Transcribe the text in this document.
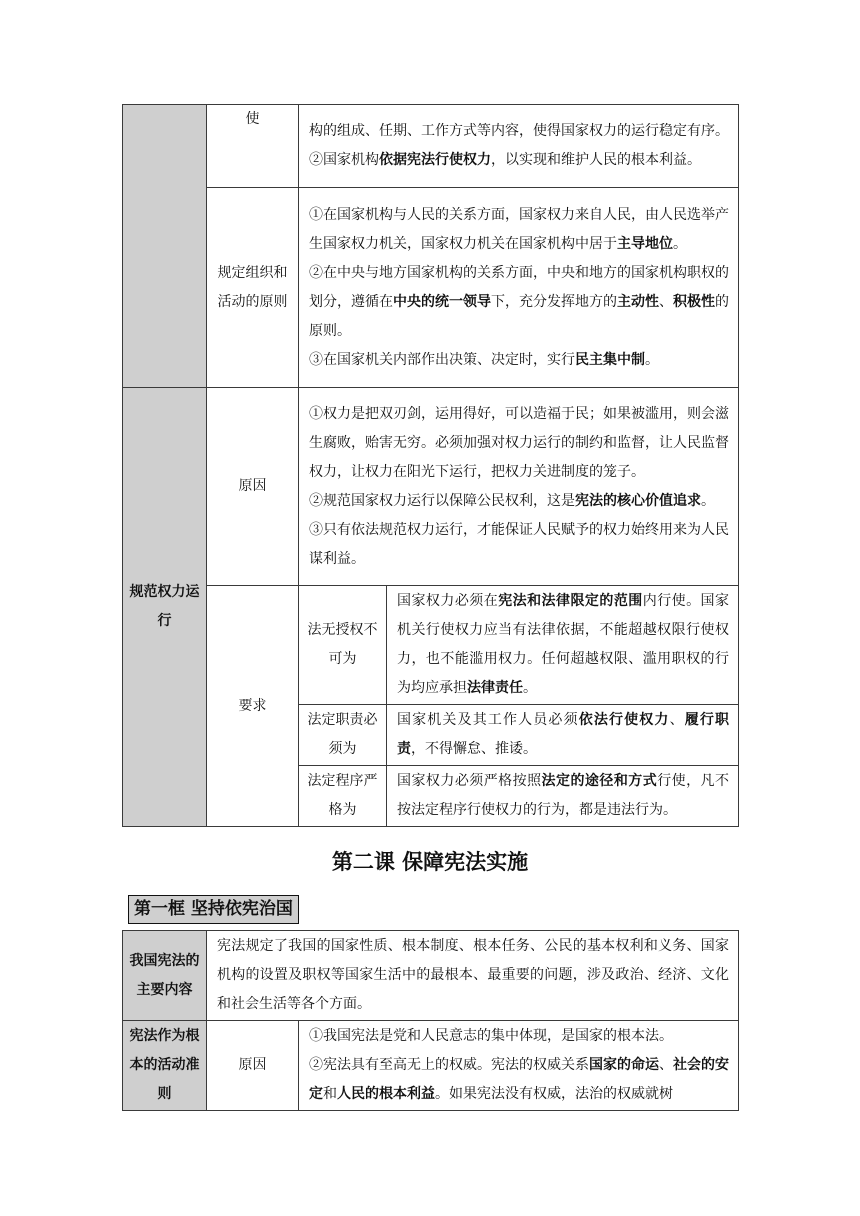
	使	构的组成、任期、工作方式等内容，使得国家权力的运行稳定有序。

②国家机构依据宪法行使权力，以实现和维护人民的根本利益。	

	规定组织和活动的原则	①在国家机构与人民的关系方面，国家权力来自人民，由人民选举产生国家权力机关，国家权力机关在国家机构中居于主导地位。

②在中央与地方国家机构的关系方面，中央和地方的国家机构职权的划分，遵循在中央的统一领导下，充分发挥地方的主动性、积极性的原则。

③在国家机关内部作出决策、决定时，实行民主集中制。	

规范权力运行	原因	①权力是把双刃剑，运用得好，可以造福于民；如果被滥用，则会滋生腐败，贻害无穷。必须加强对权力运行的制约和监督，让人民监督权力，让权力在阳光下运行，把权力关进制度的笼子。

②规范国家权力运行以保障公民权利，这是宪法的核心价值追求。

③只有依法规范权力运行，才能保证人民赋予的权力始终用来为人民谋利益。	

	要求	法无授权不可为	国家权力必须在宪法和法律限定的范围内行使。国家机关行使权力应当有法律依据，不能超越权限行使权力，也不能滥用权力。任何超越权限、滥用职权的行为均应承担法律责任。
		法定职责必须为	国家机关及其工作人员必须依法行使权力、履行职责，不得懈怠、推诿。
		法定程序严格为	国家权力必须严格按照法定的途径和方式行使，凡不按法定程序行使权力的行为，都是违法行为。
第二课 保障宪法实施
第一框 坚持依宪治国
我国宪法的主要内容	宪法规定了我国的国家性质、根本制度、根本任务、公民的基本权利和义务、国家机构的设置及职权等国家生活中的最根本、最重要的问题，涉及政治、经济、文化和社会生活等各个方面。	
宪法作为根本的活动准则	原因	①我国宪法是党和人民意志的集中体现，是国家的根本法。

②宪法具有至高无上的权威。宪法的权威关系国家的命运、社会的安定和人民的根本利益。如果宪法没有权威，法治的权威就树
